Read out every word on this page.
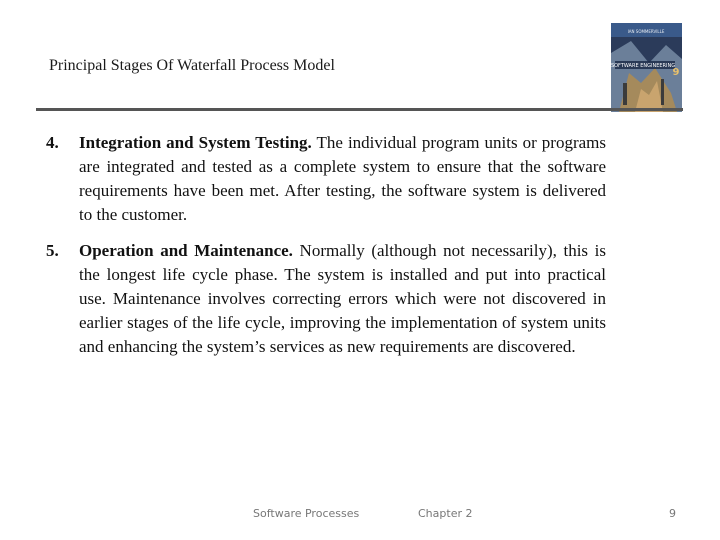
Principal Stages Of Waterfall Process Model
IAN SOMMERVILLE
SOFTWARE ENGINEERING
9
4. Integration and System Testing. The individual program units or programs are integrated and tested as a complete system to ensure that the software requirements have been met. After testing, the software system is delivered to the customer.
5. Operation and Maintenance. Normally (although not necessarily), this is the longest life cycle phase. The system is installed and put into practical use. Maintenance involves correcting errors which were not discovered in earlier stages of the life cycle, improving the implementation of system units and enhancing the system’s services as new requirements are discovered.
Software Processes	Chapter 2	9
